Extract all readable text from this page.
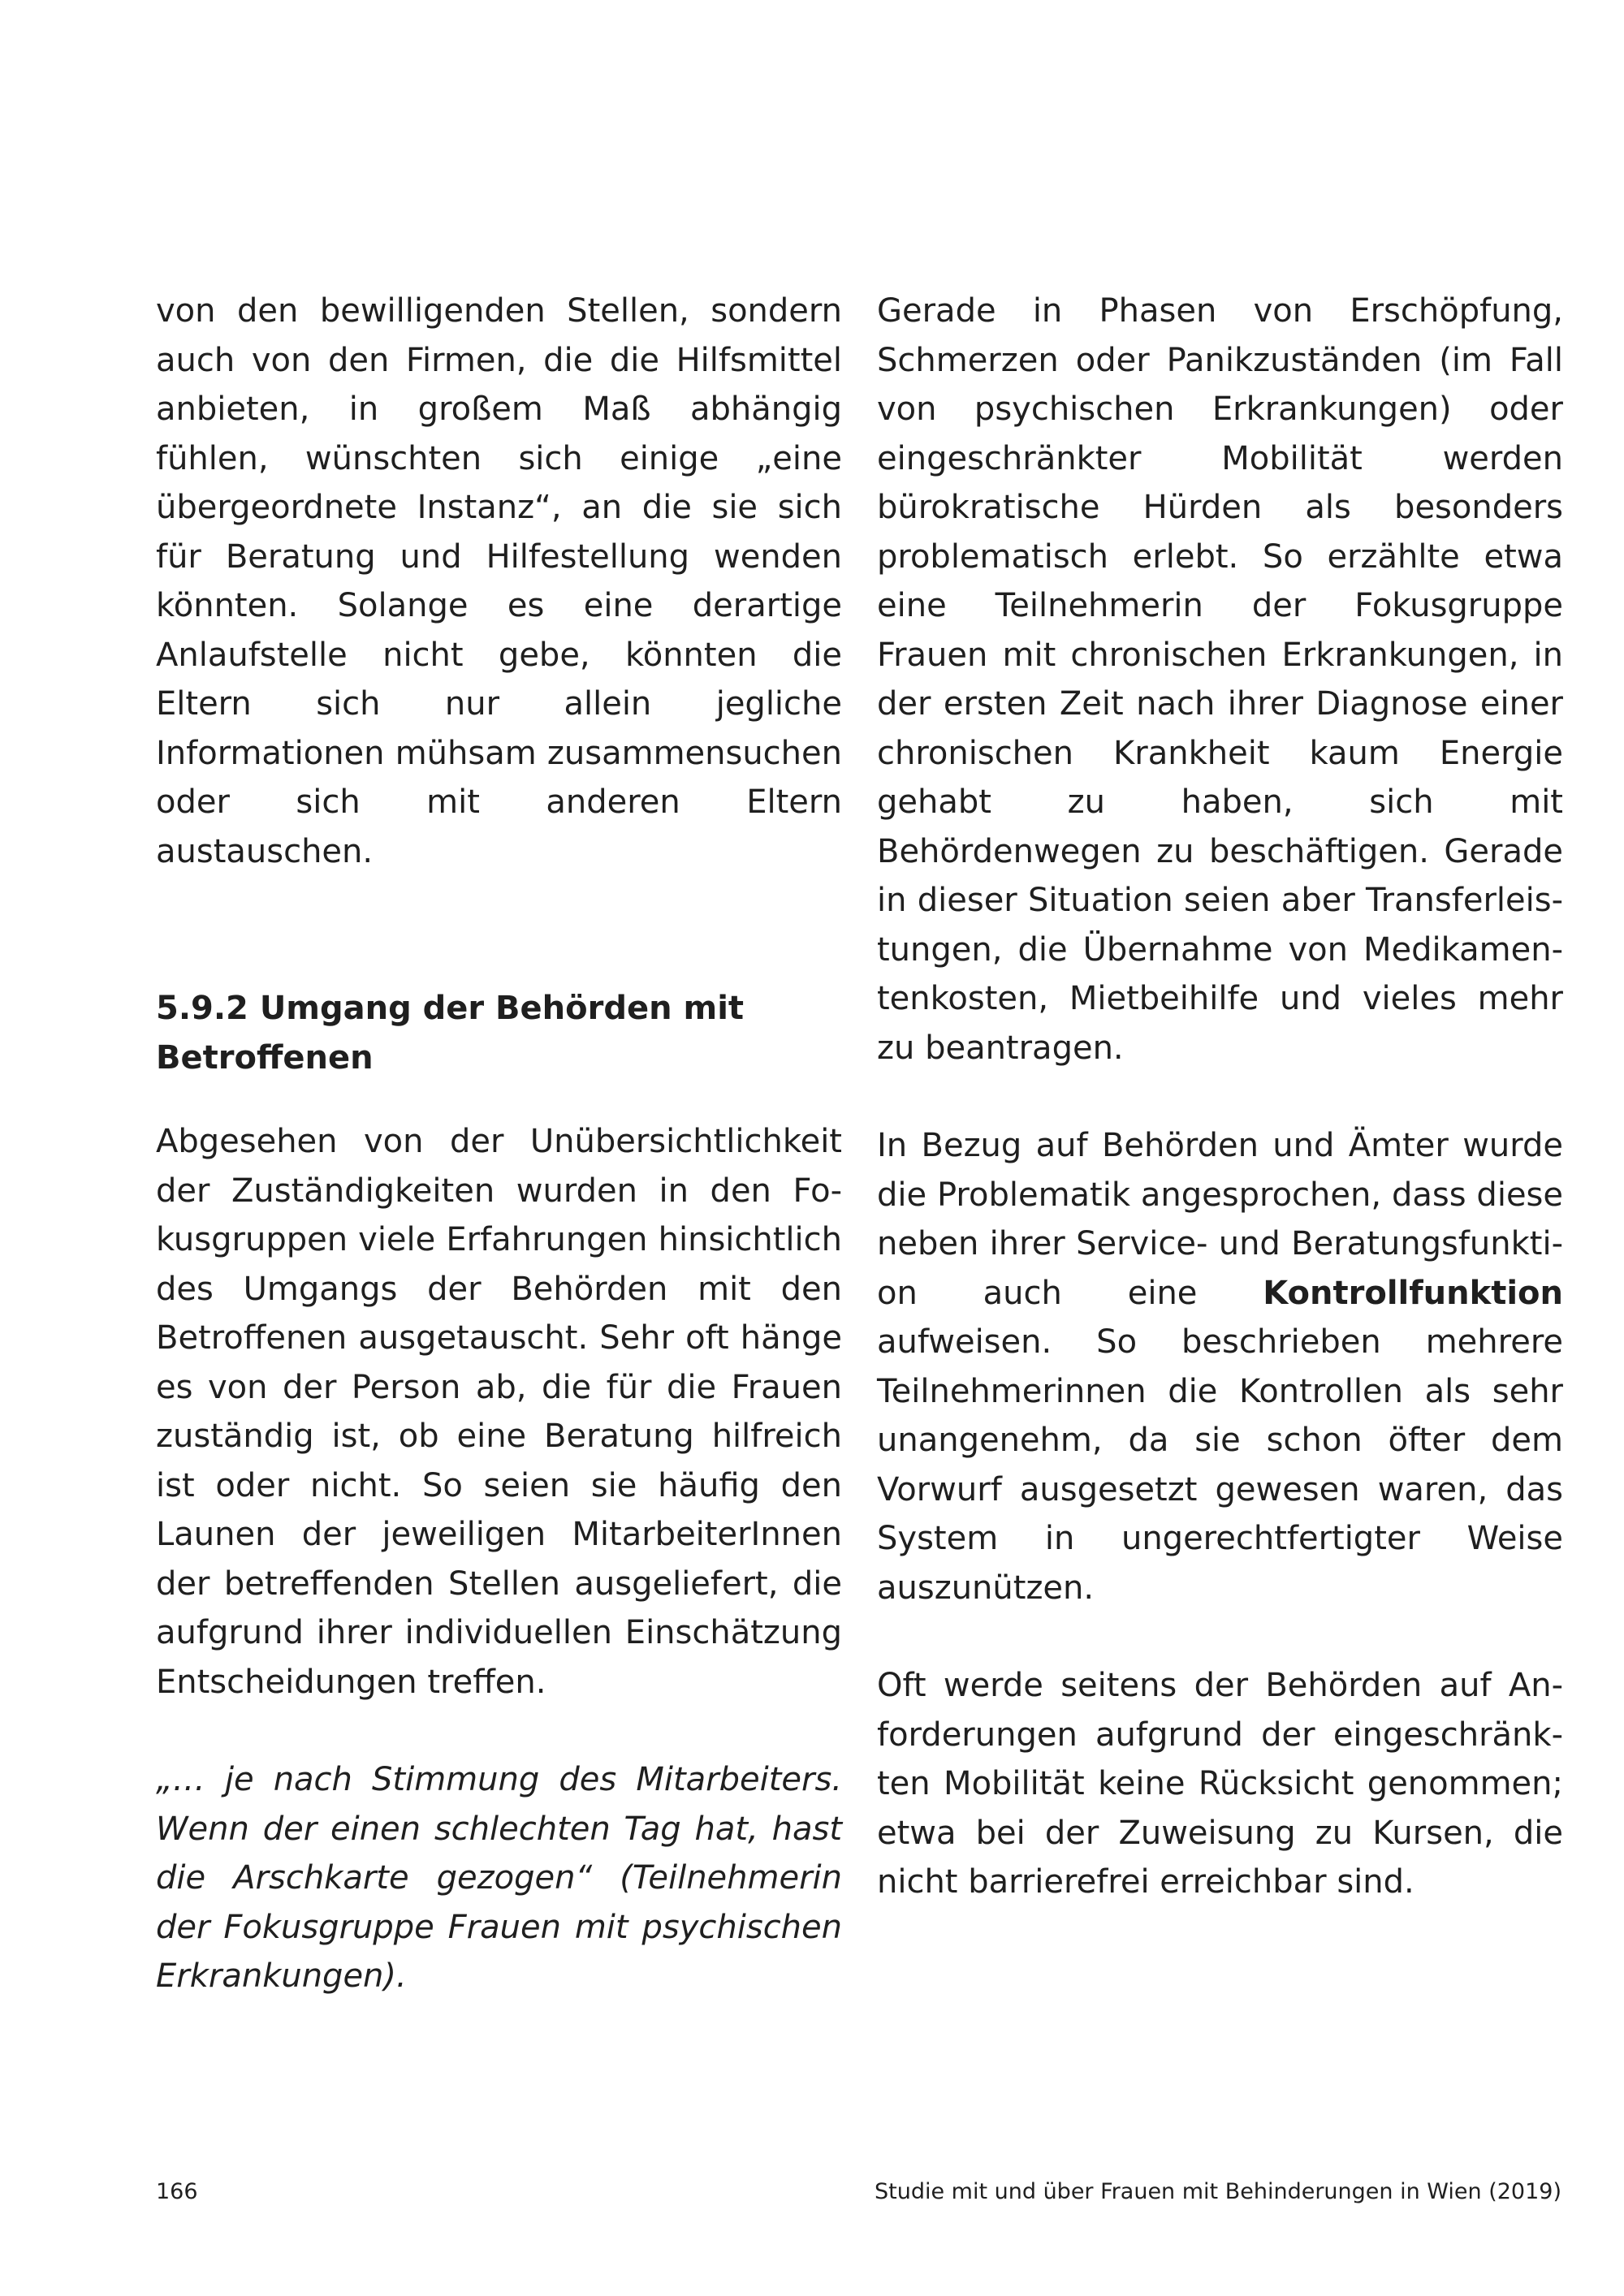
von den bewilligenden Stellen, sondern auch von den Firmen, die die Hilfsmittel anbieten, in großem Maß abhängig fühlen, wünschten sich einige „eine übergeordnete Instanz“, an die sie sich für Beratung und Hilfestellung wenden könnten. Solange es eine derartige Anlaufstelle nicht gebe, könnten die Eltern sich nur allein jegliche Informationen mühsam zusammensuchen oder sich mit anderen Eltern austauschen.

5.9.2 Umgang der Behörden mit Betroffenen

Abgesehen von der Unübersichtlichkeit der Zuständigkeiten wurden in den Fokusgruppen viele Erfahrungen hinsichtlich des Umgangs der Behörden mit den Betroffenen ausgetauscht. Sehr oft hänge es von der Person ab, die für die Frauen zuständig ist, ob eine Beratung hilfreich ist oder nicht. So seien sie häufig den Launen der jeweiligen MitarbeiterInnen der betreffenden Stellen ausgeliefert, die aufgrund ihrer individuellen Einschätzung Entscheidungen treffen.

„… je nach Stimmung des Mitarbeiters. Wenn der einen schlechten Tag hat, hast die Arschkarte gezogen“ (Teilnehmerin der Fokusgruppe Frauen mit psychischen Erkrankungen).

Gerade in Phasen von Erschöpfung, Schmerzen oder Panikzuständen (im Fall von psychischen Erkrankungen) oder eingeschränkter Mobilität werden bürokratische Hürden als besonders problematisch erlebt. So erzählte etwa eine Teilnehmerin der Fokusgruppe Frauen mit chronischen Erkrankungen, in der ersten Zeit nach ihrer Diagnose einer chronischen Krankheit kaum Energie gehabt zu haben, sich mit Behördenwegen zu beschäftigen. Gerade in dieser Situation seien aber Transferleistungen, die Übernahme von Medikamentenkosten, Mietbeihilfe und vieles mehr zu beantragen.

In Bezug auf Behörden und Ämter wurde die Problematik angesprochen, dass diese neben ihrer Service- und Beratungsfunktion auch eine Kontrollfunktion aufweisen. So beschrieben mehrere Teilnehmerinnen die Kontrollen als sehr unangenehm, da sie schon öfter dem Vorwurf ausgesetzt gewesen waren, das System in ungerechtfertigter Weise auszunützen.

Oft werde seitens der Behörden auf Anforderungen aufgrund der eingeschränkten Mobilität keine Rücksicht genommen; etwa bei der Zuweisung zu Kursen, die nicht barrierefrei erreichbar sind.

166	Studie mit und über Frauen mit Behinderungen in Wien (2019)
